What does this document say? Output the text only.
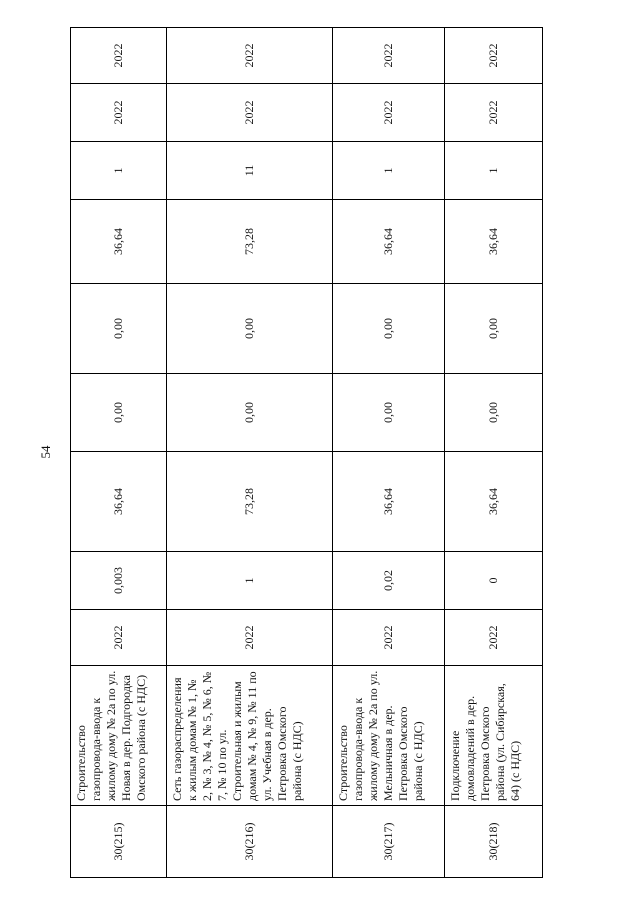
54
30(215)	Строительство газопровода-ввода к жилому дому № 2а по ул. Новая в дер. Подгородка Омского района (с НДС)	2022	0,003	36,64	0,00	0,00	36,64	1	2022	2022
30(216)	Сеть газораспределения к жилым домам № 1, № 2, № 3, № 4, № 5, № 6, № 7, № 10 по ул. Строительная и жилым домам № 4, № 9, № 11 по ул. Учебная в дер. Петровка Омского района (с НДС)	2022	1	73,28	0,00	0,00	73,28	11	2022	2022
30(217)	Строительство газопровода-ввода к жилому дому № 2а по ул. Мельничная в дер. Петровка Омского района (с НДС)	2022	0,02	36,64	0,00	0,00	36,64	1	2022	2022
30(218)	Подключение домовладений в дер. Петровка Омского района (ул. Сибирская, 64) (с НДС)	2022	0	36,64	0,00	0,00	36,64	1	2022	2022
